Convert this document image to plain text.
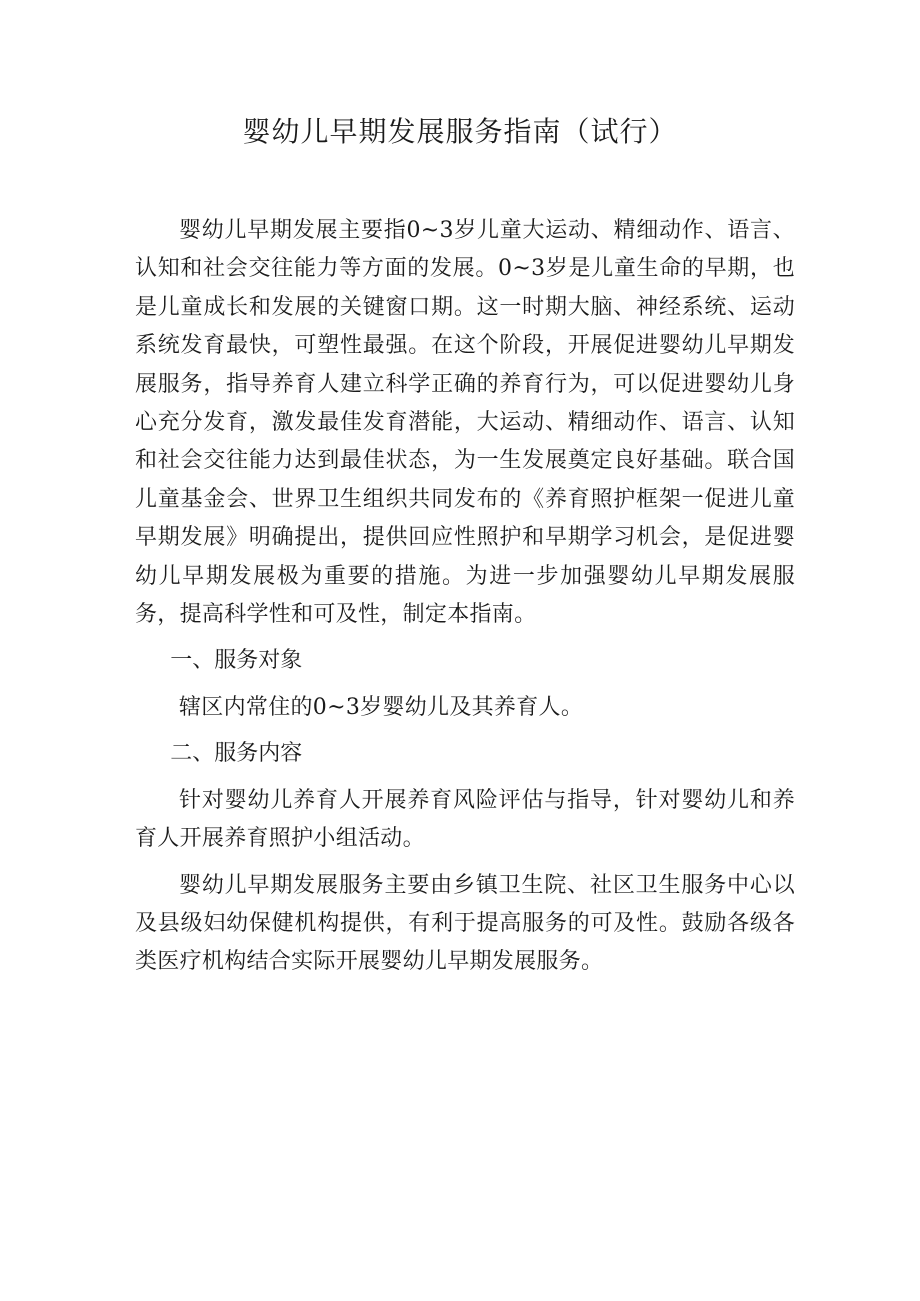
婴幼儿早期发展服务指南（试行）

婴幼儿早期发展主要指0~3岁儿童大运动、精细动作、语言、认知和社会交往能力等方面的发展。0~3岁是儿童生命的早期，也是儿童成长和发展的关键窗口期。这一时期大脑、神经系统、运动系统发育最快，可塑性最强。在这个阶段，开展促进婴幼儿早期发展服务，指导养育人建立科学正确的养育行为，可以促进婴幼儿身心充分发育，激发最佳发育潜能，大运动、精细动作、语言、认知和社会交往能力达到最佳状态，为一生发展奠定良好基础。联合国儿童基金会、世界卫生组织共同发布的《养育照护框架一促进儿童早期发展》明确提出，提供回应性照护和早期学习机会，是促进婴幼儿早期发展极为重要的措施。为进一步加强婴幼儿早期发展服务，提高科学性和可及性，制定本指南。

一、服务对象

辖区内常住的0~3岁婴幼儿及其养育人。

二、服务内容

针对婴幼儿养育人开展养育风险评估与指导，针对婴幼儿和养育人开展养育照护小组活动。

婴幼儿早期发展服务主要由乡镇卫生院、社区卫生服务中心以及县级妇幼保健机构提供，有利于提高服务的可及性。鼓励各级各类医疗机构结合实际开展婴幼儿早期发展服务。
